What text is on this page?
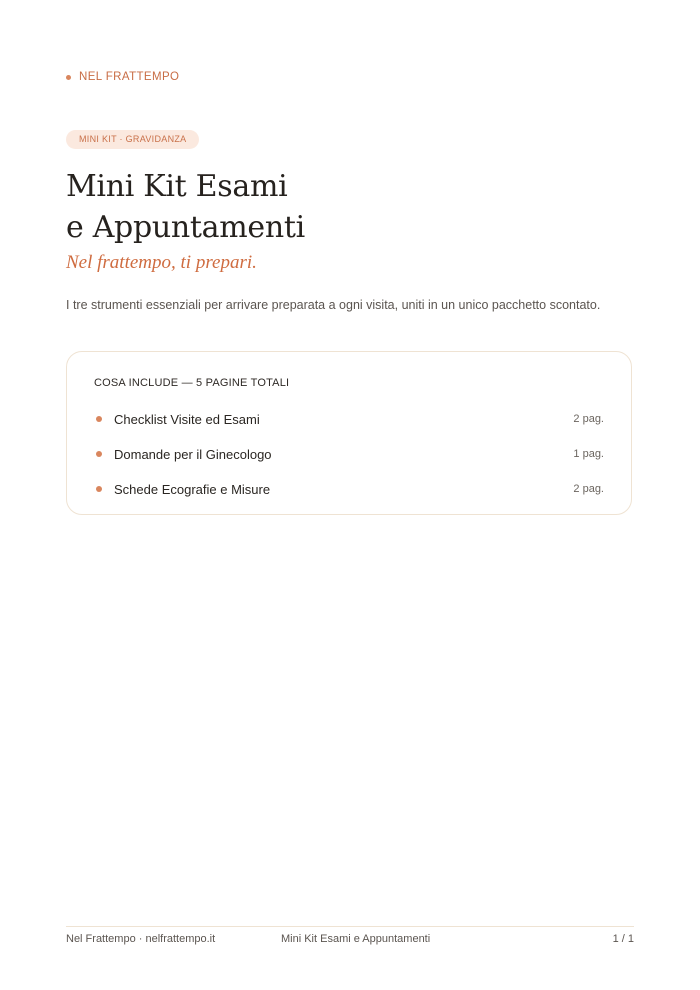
NEL FRATTEMPO
MINI KIT · GRAVIDANZA
Mini Kit Esami
e Appuntamenti

Nel frattempo, ti prepari.

I tre strumenti essenziali per arrivare preparata a ogni visita, uniti in un unico pacchetto scontato.

COSA INCLUDE — 5 PAGINE TOTALI
Checklist Visite ed Esami	2 pag.
Domande per il Ginecologo	1 pag.
Schede Ecografie e Misure	2 pag.
Nel Frattempo · nelfrattempo.it	Mini Kit Esami e Appuntamenti	1 / 1
